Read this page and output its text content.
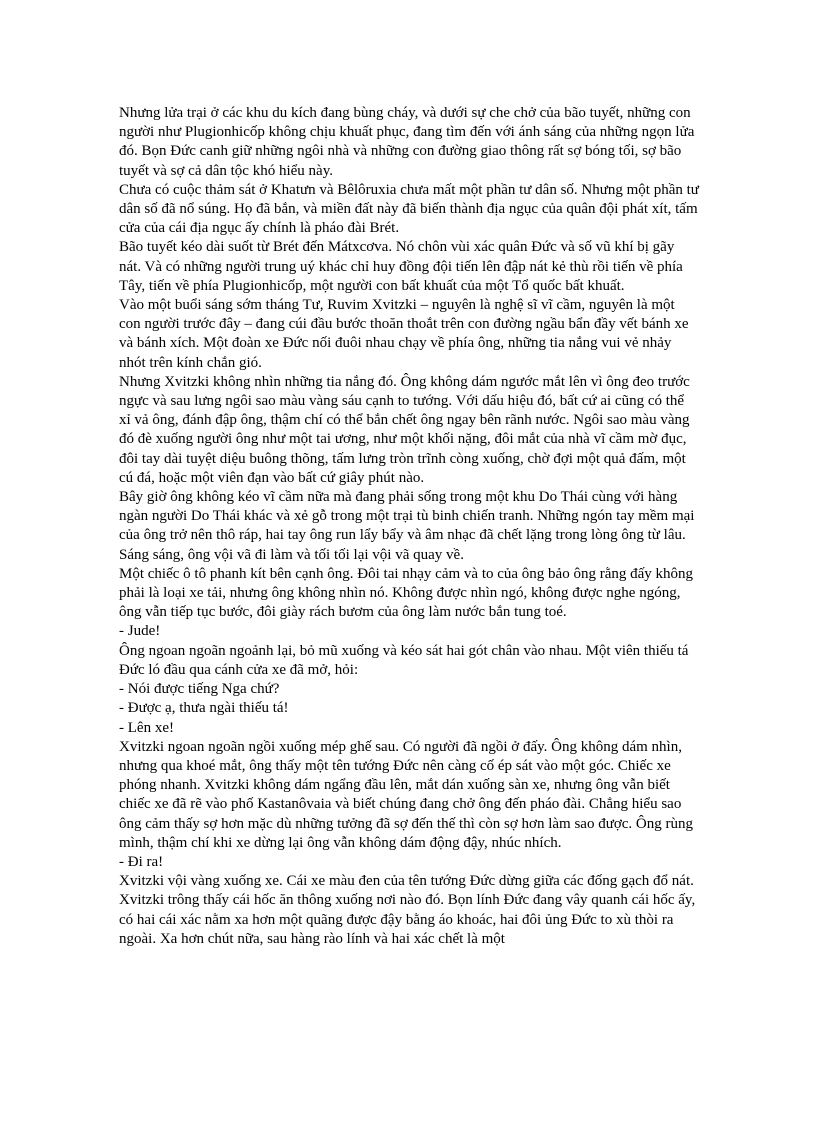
Nhưng lửa trại ở các khu du kích đang bùng cháy, và dưới sự che chở của bão tuyết, những con người như Plugionhicốp không chịu khuất phục, đang tìm đến với ánh sáng của những ngọn lửa đó. Bọn Đức canh giữ những ngôi nhà và những con đường giao thông rất sợ bóng tối, sợ bão tuyết và sợ cả dân tộc khó hiểu này.

Chưa có cuộc thảm sát ở Khatưn và Bêlôruxia chưa mất một phần tư dân số. Nhưng một phần tư dân số đã nổ súng. Họ đã bắn, và miền đất này đã biến thành địa ngục của quân đội phát xít, tấm cửa của cái địa ngục ấy chính là pháo đài Brét.

Bão tuyết kéo dài suốt từ Brét đến Mátxcơva. Nó chôn vùi xác quân Đức và số vũ khí bị gãy nát. Và có những người trung uý khác chỉ huy đồng đội tiến lên đập nát kẻ thù rồi tiến về phía Tây, tiến về phía Plugionhicốp, một người con bất khuất của một Tổ quốc bất khuất.

Vào một buổi sáng sớm tháng Tư, Ruvim Xvitzki – nguyên là nghệ sĩ vĩ cầm, nguyên là một con người trước đây – đang cúi đầu bước thoăn thoắt trên con đường ngầu bẩn đầy vết bánh xe và bánh xích. Một đoàn xe Đức nối đuôi nhau chạy về phía ông, những tia nắng vui vẻ nhảy nhót trên kính chắn gió.

Nhưng Xvitzki không nhìn những tia nắng đó. Ông không dám ngước mắt lên vì ông đeo trước ngực và sau lưng ngôi sao màu vàng sáu cạnh to tướng. Với dấu hiệu đó, bất cứ ai cũng có thể xỉ vả ông, đánh đập ông, thậm chí có thể bắn chết ông ngay bên rãnh nước. Ngôi sao màu vàng đó đè xuống người ông như một tai ương, như một khối nặng, đôi mắt của nhà vĩ cầm mờ đục, đôi tay dài tuyệt diệu buông thõng, tấm lưng tròn trĩnh còng xuống, chờ đợi một quả đấm, một cú đá, hoặc một viên đạn vào bất cứ giây phút nào.

Bây giờ ông không kéo vĩ cầm nữa mà đang phải sống trong một khu Do Thái cùng với hàng ngàn người Do Thái khác và xẻ gỗ trong một trại tù binh chiến tranh. Những ngón tay mềm mại của ông trở nên thô ráp, hai tay ông run lẩy bẩy và âm nhạc đã chết lặng trong lòng ông từ lâu. Sáng sáng, ông vội vã đi làm và tối tối lại vội vã quay về.

Một chiếc ô tô phanh kít bên cạnh ông. Đôi tai nhạy cảm và to của ông bảo ông rằng đấy không phải là loại xe tải, nhưng ông không nhìn nó. Không được nhìn ngó, không được nghe ngóng, ông vẫn tiếp tục bước, đôi giày rách bươm của ông làm nước bắn tung toé.

- Jude!

Ông ngoan ngoãn ngoảnh lại, bỏ mũ xuống và kéo sát hai gót chân vào nhau. Một viên thiếu tá Đức ló đầu qua cánh cửa xe đã mở, hỏi:

- Nói được tiếng Nga chứ?

- Được ạ, thưa ngài thiếu tá!

- Lên xe!

Xvitzki ngoan ngoãn ngồi xuống mép ghế sau. Có người đã ngồi ở đấy. Ông không dám nhìn, nhưng qua khoé mắt, ông thấy một tên tướng Đức nên càng cố ép sát vào một góc. Chiếc xe phóng nhanh. Xvitzki không dám ngẩng đầu lên, mắt dán xuống sàn xe, nhưng ông vẫn biết chiếc xe đã rẽ vào phố Kastanôvaia và biết chúng đang chở ông đến pháo đài. Chẳng hiểu sao ông cảm thấy sợ hơn mặc dù những tưởng đã sợ đến thế thì còn sợ hơn làm sao được. Ông rùng mình, thậm chí khi xe dừng lại ông vẫn không dám động đậy, nhúc nhích.

- Đi ra!

Xvitzki vội vàng xuống xe. Cái xe màu đen của tên tướng Đức dừng giữa các đống gạch đổ nát. Xvitzki trông thấy cái hốc ăn thông xuống nơi nào đó. Bọn lính Đức đang vây quanh cái hốc ấy, có hai cái xác nằm xa hơn một quãng được đậy bằng áo khoác, hai đôi ủng Đức to xù thòi ra ngoài. Xa hơn chút nữa, sau hàng rào lính và hai xác chết là một
